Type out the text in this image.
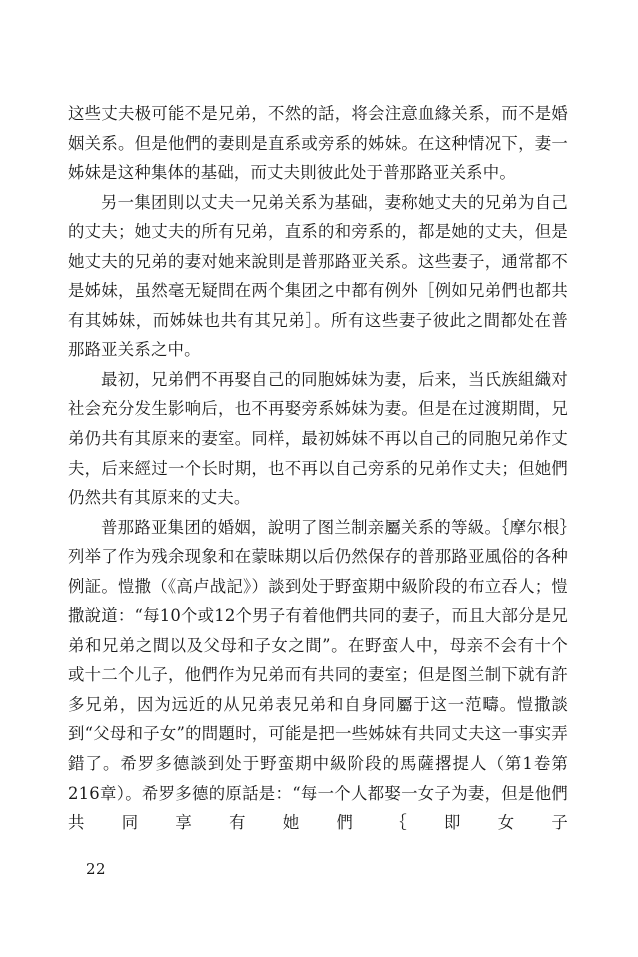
这些丈夫极可能不是兄弟，不然的話，将会注意血緣关系，而不是婚姻关系。但是他們的妻則是直系或旁系的姊妹。在这种情况下，妻一姊妹是这种集体的基础，而丈夫則彼此处于普那路亚关系中。

另一集团則以丈夫一兄弟关系为基础，妻称她丈夫的兄弟为自己的丈夫；她丈夫的所有兄弟，直系的和旁系的，都是她的丈夫，但是她丈夫的兄弟的妻对她来說則是普那路亚关系。这些妻子，通常都不是姊妹，虽然毫无疑問在两个集团之中都有例外［例如兄弟們也都共有其姊妹，而姊妹也共有其兄弟］。所有这些妻子彼此之間都处在普那路亚关系之中。

最初，兄弟們不再娶自己的同胞姊妹为妻，后来，当氏族組織对社会充分发生影响后，也不再娶旁系姊妹为妻。但是在过渡期間，兄弟仍共有其原来的妻室。同样，最初姊妹不再以自己的同胞兄弟作丈夫，后来經过一个长时期，也不再以自己旁系的兄弟作丈夫；但她們仍然共有其原来的丈夫。

普那路亚集团的婚姻，說明了图兰制亲屬关系的等級。｛摩尔根｝列举了作为残余现象和在蒙昧期以后仍然保存的普那路亚風俗的各种例証。愷撒（《高卢战記》）談到处于野蛮期中級阶段的布立吞人；愷撒說道：“每10个或12个男子有着他們共同的妻子，而且大部分是兄弟和兄弟之間以及父母和子女之間”。在野蛮人中，母亲不会有十个或十二个儿子，他們作为兄弟而有共同的妻室；但是图兰制下就有許多兄弟，因为远近的从兄弟表兄弟和自身同屬于这一范疇。愷撒談到“父母和子女”的問題时，可能是把一些姊妹有共同丈夫这一事实弄錯了。希罗多德談到处于野蛮期中級阶段的馬薩撂提人（第1卷第216章）。希罗多德的原話是：“每一个人都娶一女子为妻，但是他們共同享有她們｛即女子

22
